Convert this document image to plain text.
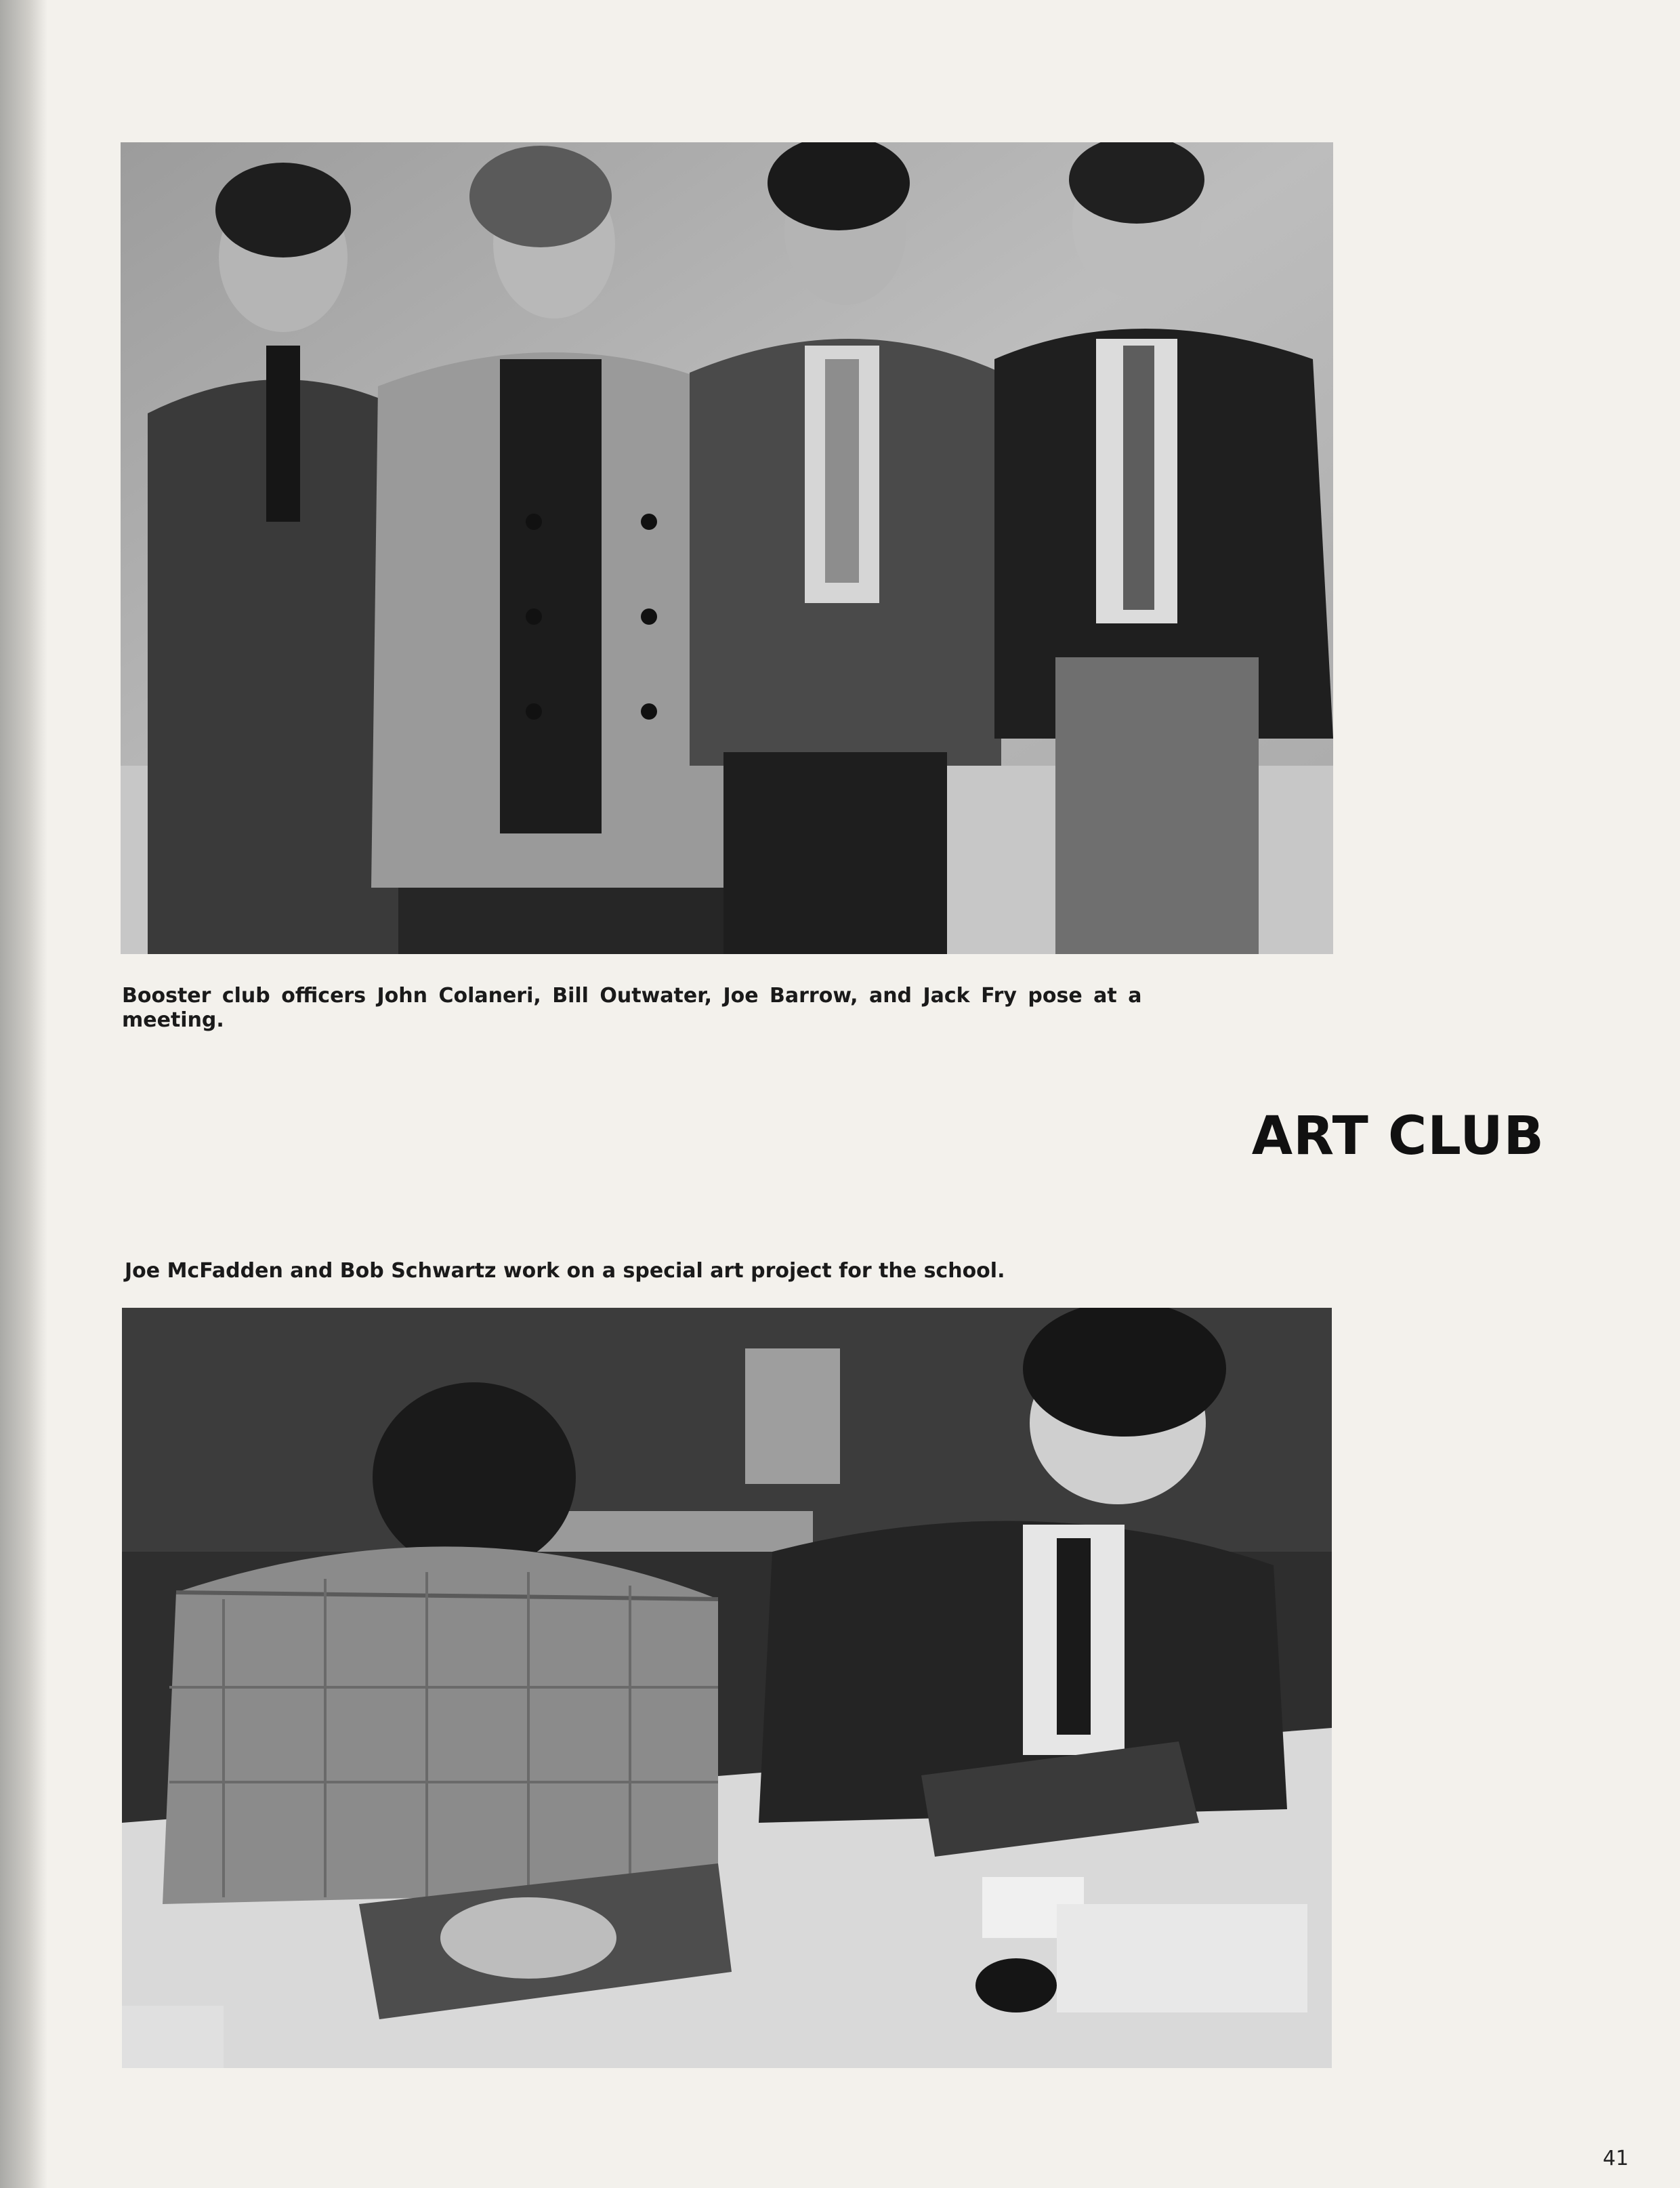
Booster club officers John Colaneri, Bill Outwater, Joe Barrow, and Jack Fry pose at a meeting.
ART CLUB
Joe McFadden and Bob Schwartz work on a special art project for the school.
41
